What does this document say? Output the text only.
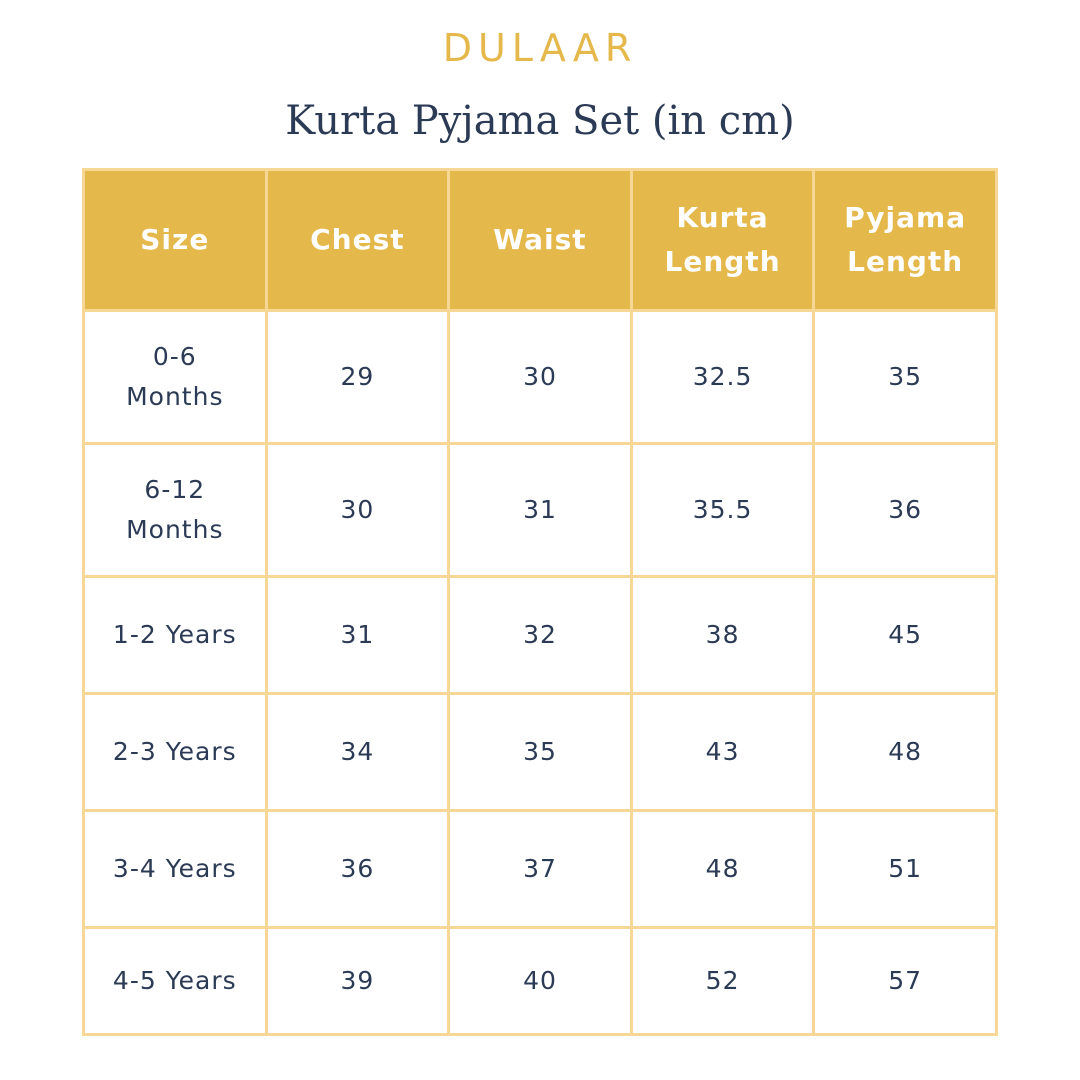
DULAAR
Kurta Pyjama Set (in cm)
Size	Chest	Waist	Kurta Length	Pyjama Length
0-6 Months	29	30	32.5	35
6-12 Months	30	31	35.5	36
1-2 Years	31	32	38	45
2-3 Years	34	35	43	48
3-4 Years	36	37	48	51
4-5 Years	39	40	52	57
